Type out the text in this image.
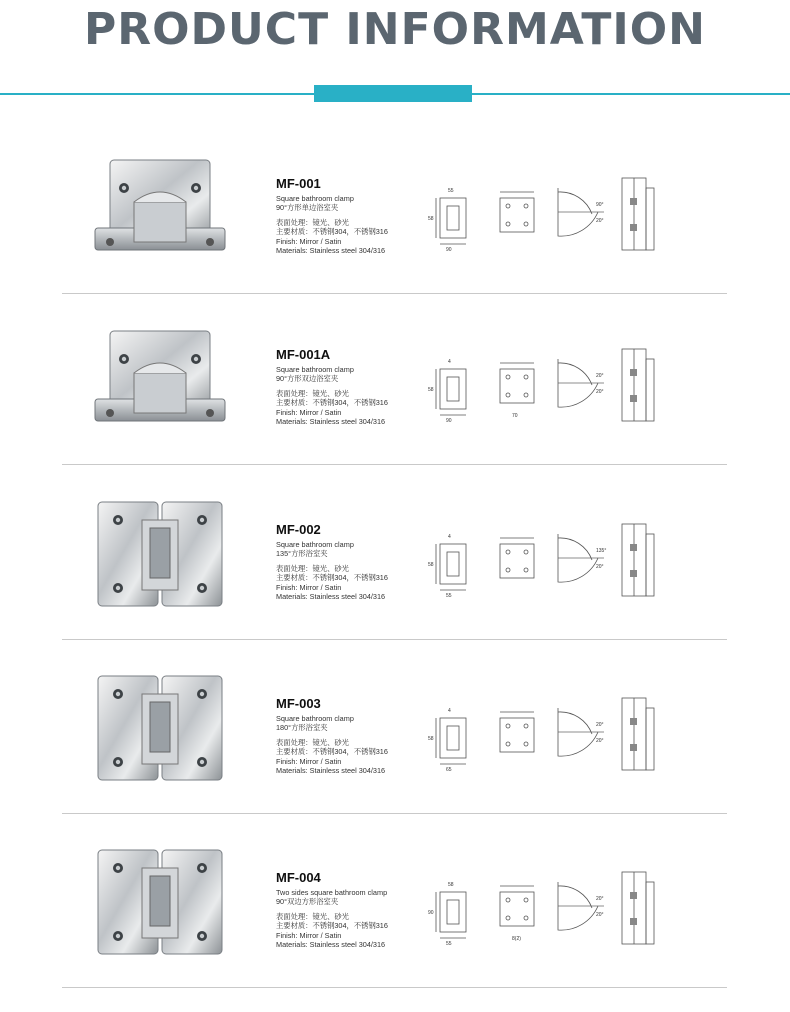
PRODUCT INFORMATION
MF-001
Square bathroom clamp
90°方形单边浴室夹
表面处理：镜光、砂光
主要材质：不锈钢304，不锈钢316
Finish: Mirror / Satin
Materials: Stainless steel 304/316	90
58
55
90°
20°
MF-001A
Square bathroom clamp
90°方形双边浴室夹
表面处理：镜光、砂光
主要材质：不锈钢304，不锈钢316
Finish: Mirror / Satin
Materials: Stainless steel 304/316	90
58
4
70
20°
20°
MF-002
Square bathroom clamp
135°方形浴室夹
表面处理：镜光、砂光
主要材质：不锈钢304，不锈钢316
Finish: Mirror / Satin
Materials: Stainless steel 304/316	55
58
4
135°
20°
MF-003
Square bathroom clamp
180°方形浴室夹
表面处理：镜光、砂光
主要材质：不锈钢304，不锈钢316
Finish: Mirror / Satin
Materials: Stainless steel 304/316	65
58
4
20°
20°
MF-004
Two sides square bathroom clamp
90°双边方形浴室夹
表面处理：镜光、砂光
主要材质：不锈钢304，不锈钢316
Finish: Mirror / Satin
Materials: Stainless steel 304/316	55
90
58
8(2)
20°
20°
